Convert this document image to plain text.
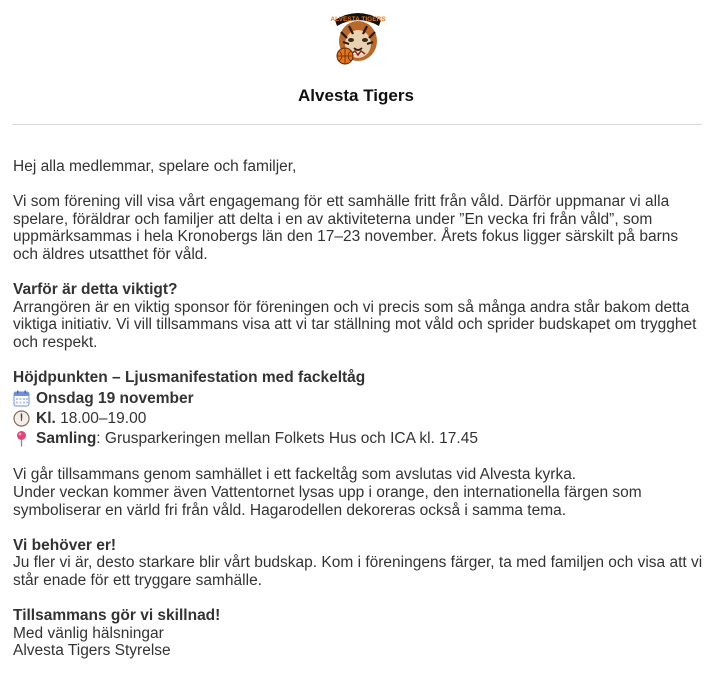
ALVESTA TIGERS
Alvesta Tigers

Hej alla medlemmar, spelare och familjer,

Vi som förening vill visa vårt engagemang för ett samhälle fritt från våld. Därför uppmanar vi alla spelare, föräldrar och familjer att delta i en av aktiviteterna under ”En vecka fri från våld”, som uppmärksammas i hela Kronobergs län den 17–23 november. Årets fokus ligger särskilt på barns och äldres utsatthet för våld.

Varför är detta viktigt?
Arrangören är en viktig sponsor för föreningen och vi precis som så många andra står bakom detta viktiga initiativ. Vi vill tillsammans visa att vi tar ställning mot våld och sprider budskapet om trygghet och respekt.

Höjdpunkten – Ljusmanifestation med fackeltåg
Onsdag 19 november
Kl. 18.00–19.00
Samling : Grusparkeringen mellan Folkets Hus och ICA kl. 17.45

Vi går tillsammans genom samhället i ett fackeltåg som avslutas vid Alvesta kyrka.
Under veckan kommer även Vattentornet lysas upp i orange, den internationella färgen som symboliserar en värld fri från våld. Hagarodellen dekoreras också i samma tema.

Vi behöver er!
Ju fler vi är, desto starkare blir vårt budskap. Kom i föreningens färger, ta med familjen och visa att vi står enade för ett tryggare samhälle.

Tillsammans gör vi skillnad!
Med vänlig hälsningar
Alvesta Tigers Styrelse
